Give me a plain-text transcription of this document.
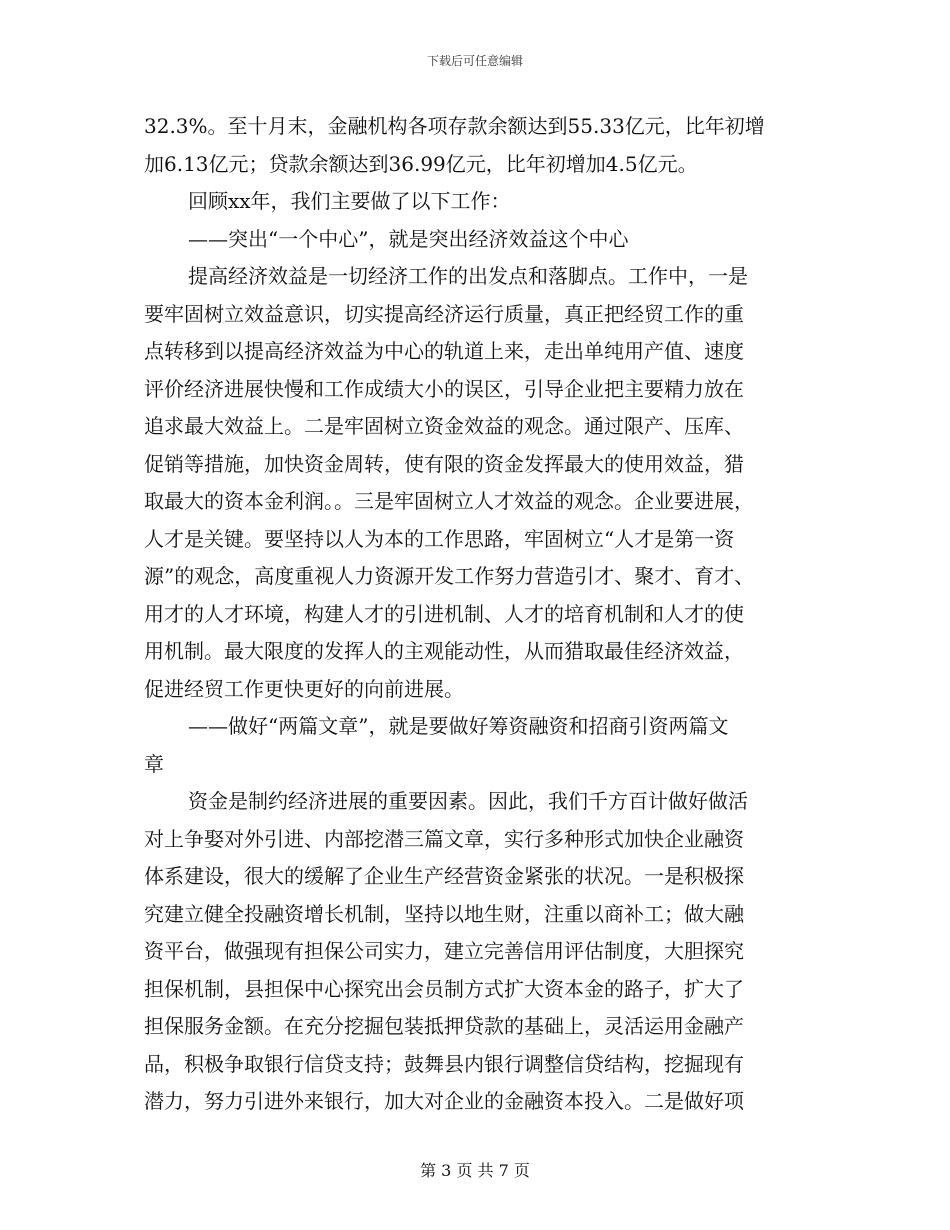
下载后可任意编辑
32.3%。至十月末，金融机构各项存款余额达到55.33亿元，比年初增
加6.13亿元；贷款余额达到36.99亿元，比年初增加4.5亿元。
回顾xx年，我们主要做了以下工作：
——突出“一个中心”，就是突出经济效益这个中心
提高经济效益是一切经济工作的出发点和落脚点。工作中，一是
要牢固树立效益意识，切实提高经济运行质量，真正把经贸工作的重
点转移到以提高经济效益为中心的轨道上来，走出单纯用产值、速度
评价经济进展快慢和工作成绩大小的误区，引导企业把主要精力放在
追求最大效益上。二是牢固树立资金效益的观念。通过限产、压库、
促销等措施，加快资金周转，使有限的资金发挥最大的使用效益，猎
取最大的资本金利润。。三是牢固树立人才效益的观念。企业要进展，
人才是关键。要坚持以人为本的工作思路，牢固树立“人才是第一资
源”的观念，高度重视人力资源开发工作努力营造引才、聚才、育才、
用才的人才环境，构建人才的引进机制、人才的培育机制和人才的使
用机制。最大限度的发挥人的主观能动性，从而猎取最佳经济效益，
促进经贸工作更快更好的向前进展。
——做好“两篇文章”，就是要做好筹资融资和招商引资两篇文
章
资金是制约经济进展的重要因素。因此，我们千方百计做好做活
对上争娶对外引进、内部挖潜三篇文章，实行多种形式加快企业融资
体系建设，很大的缓解了企业生产经营资金紧张的状况。一是积极探
究建立健全投融资增长机制，坚持以地生财，注重以商补工；做大融
资平台，做强现有担保公司实力，建立完善信用评估制度，大胆探究
担保机制，县担保中心探究出会员制方式扩大资本金的路子，扩大了
担保服务金额。在充分挖掘包装抵押贷款的基础上，灵活运用金融产
品，积极争取银行信贷支持；鼓舞县内银行调整信贷结构，挖掘现有
潜力，努力引进外来银行，加大对企业的金融资本投入。二是做好项
第 3 页 共 7 页
